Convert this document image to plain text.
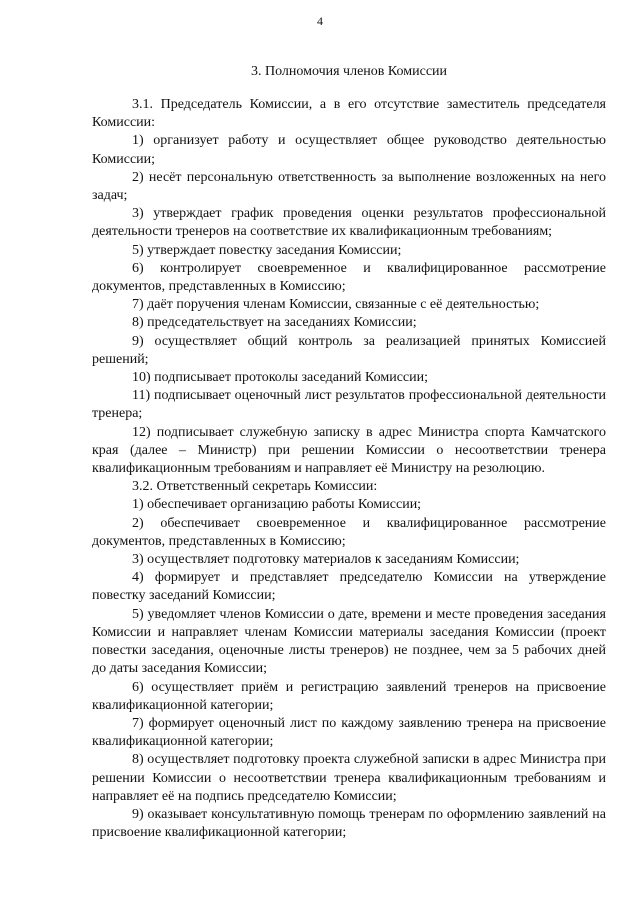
4
3. Полномочия членов Комиссии

3.1. Председатель Комиссии, а в его отсутствие заместитель председателя Комиссии:

1) организует работу и осуществляет общее руководство деятельностью Комиссии;

2) несёт персональную ответственность за выполнение возложенных на него задач;

3) утверждает график проведения оценки результатов профессиональной деятельности тренеров на соответствие их квалификационным требованиям;

5) утверждает повестку заседания Комиссии;

6) контролирует своевременное и квалифицированное рассмотрение документов, представленных в Комиссию;

7) даёт поручения членам Комиссии, связанные с её деятельностью;

8) председательствует на заседаниях Комиссии;

9) осуществляет общий контроль за реализацией принятых Комиссией решений;

10) подписывает протоколы заседаний Комиссии;

11) подписывает оценочный лист результатов профессиональной деятельности тренера;

12) подписывает служебную записку в адрес Министра спорта Камчатского края (далее – Министр) при решении Комиссии о несоответствии тренера квалификационным требованиям и направляет её Министру на резолюцию.

3.2. Ответственный секретарь Комиссии:

1) обеспечивает организацию работы Комиссии;

2) обеспечивает своевременное и квалифицированное рассмотрение документов, представленных в Комиссию;

3) осуществляет подготовку материалов к заседаниям Комиссии;

4) формирует и представляет председателю Комиссии на утверждение повестку заседаний Комиссии;

5) уведомляет членов Комиссии о дате, времени и месте проведения заседания Комиссии и направляет членам Комиссии материалы заседания Комиссии (проект повестки заседания, оценочные листы тренеров) не позднее, чем за 5 рабочих дней до даты заседания Комиссии;

6) осуществляет приём и регистрацию заявлений тренеров на присвоение квалификационной категории;

7) формирует оценочный лист по каждому заявлению тренера на присвоение квалификационной категории;

8) осуществляет подготовку проекта служебной записки в адрес Министра при решении Комиссии о несоответствии тренера квалификационным требованиям и направляет её на подпись председателю Комиссии;

9) оказывает консультативную помощь тренерам по оформлению заявлений на присвоение квалификационной категории;
